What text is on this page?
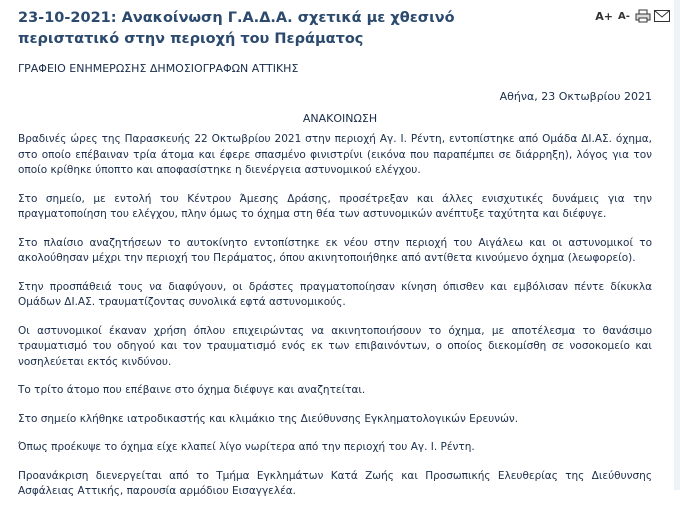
23-10-2021: Ανακοίνωση Γ.Α.Δ.Α. σχετικά με χθεσινό περιστατικό στην περιοχή του Περάματος
A+ A-

ΓΡΑΦΕΙΟ ΕΝΗΜΕΡΩΣΗΣ ΔΗΜΟΣΙΟΓΡΑΦΩΝ ΑΤΤΙΚΗΣ

Αθήνα, 23 Οκτωβρίου 2021
ΑΝΑΚΟΙΝΩΣΗ

Βραδινές ώρες της Παρασκευής 22 Οκτωβρίου 2021 στην περιοχή Αγ. Ι. Ρέντη, εντοπίστηκε από Ομάδα ΔΙ.ΑΣ. όχημα, στο οποίο επέβαιναν τρία άτομα και έφερε σπασμένο φινιστρίνι (εικόνα που παραπέμπει σε διάρρηξη), λόγος για τον οποίο κρίθηκε ύποπτο και αποφασίστηκε η διενέργεια αστυνομικού ελέγχου.

Στο σημείο, με εντολή του Κέντρου Άμεσης Δράσης, προσέτρεξαν και άλλες ενισχυτικές δυνάμεις για την πραγματοποίηση του ελέγχου, πλην όμως το όχημα στη θέα των αστυνομικών ανέπτυξε ταχύτητα και διέφυγε.

Στο πλαίσιο αναζητήσεων το αυτοκίνητο εντοπίστηκε εκ νέου στην περιοχή του Αιγάλεω και οι αστυνομικοί το ακολούθησαν μέχρι την περιοχή του Περάματος, όπου ακινητοποιήθηκε από αντίθετα κινούμενο όχημα (λεωφορείο).

Στην προσπάθειά τους να διαφύγουν, οι δράστες πραγματοποίησαν κίνηση όπισθεν και εμβόλισαν πέντε δίκυκλα Ομάδων ΔΙ.ΑΣ. τραυματίζοντας συνολικά εφτά αστυνομικούς.

Οι αστυνομικοί έκαναν χρήση όπλου επιχειρώντας να ακινητοποιήσουν το όχημα, με αποτέλεσμα το θανάσιμο τραυματισμό του οδηγού και τον τραυματισμό ενός εκ των επιβαινόντων, ο οποίος διεκομίσθη σε νοσοκομείο και νοσηλεύεται εκτός κινδύνου.

Το τρίτο άτομο που επέβαινε στο όχημα διέφυγε και αναζητείται.

Στο σημείο κλήθηκε ιατροδικαστής και κλιμάκιο της Διεύθυνσης Εγκληματολογικών Ερευνών.

Όπως προέκυψε το όχημα είχε κλαπεί λίγο νωρίτερα από την περιοχή του Αγ. Ι. Ρέντη.

Προανάκριση διενεργείται από το Τμήμα Εγκλημάτων Κατά Ζωής και Προσωπικής Ελευθερίας της Διεύθυνσης Ασφάλειας Αττικής, παρουσία αρμόδιου Εισαγγελέα.
